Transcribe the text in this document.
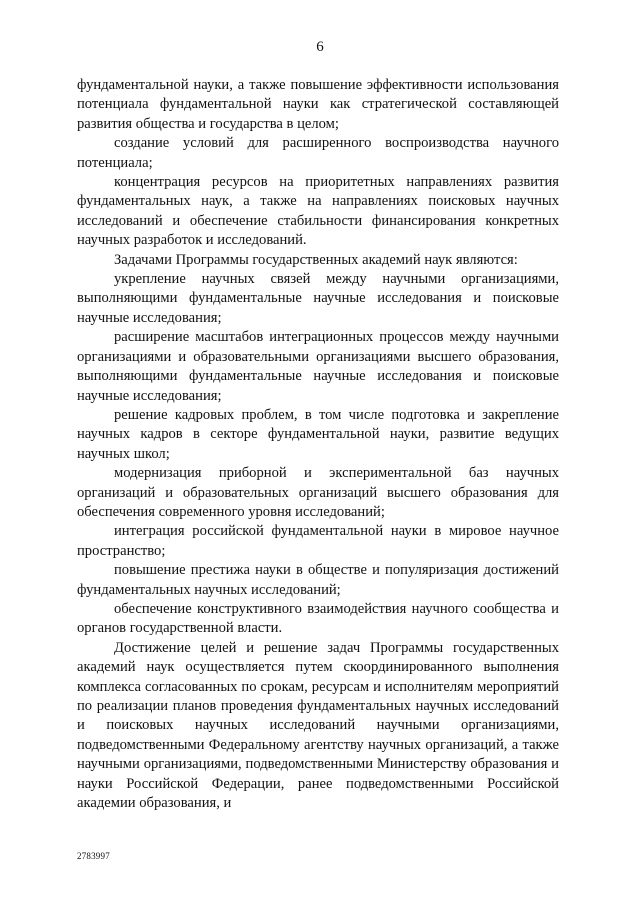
6

фундаментальной науки, а также повышение эффективности использования потенциала фундаментальной науки как стратегической составляющей развития общества и государства в целом;

создание условий для расширенного воспроизводства научного потенциала;

концентрация ресурсов на приоритетных направлениях развития фундаментальных наук, а также на направлениях поисковых научных исследований и обеспечение стабильности финансирования конкретных научных разработок и исследований.

Задачами Программы государственных академий наук являются:

укрепление научных связей между научными организациями, выполняющими фундаментальные научные исследования и поисковые научные исследования;

расширение масштабов интеграционных процессов между научными организациями и образовательными организациями высшего образования, выполняющими фундаментальные научные исследования и поисковые научные исследования;

решение кадровых проблем, в том числе подготовка и закрепление научных кадров в секторе фундаментальной науки, развитие ведущих научных школ;

модернизация приборной и экспериментальной баз научных организаций и образовательных организаций высшего образования для обеспечения современного уровня исследований;

интеграция российской фундаментальной науки в мировое научное пространство;

повышение престижа науки в обществе и популяризация достижений фундаментальных научных исследований;

обеспечение конструктивного взаимодействия научного сообщества и органов государственной власти.

Достижение целей и решение задач Программы государственных академий наук осуществляется путем скоординированного выполнения комплекса согласованных по срокам, ресурсам и исполнителям мероприятий по реализации планов проведения фундаментальных научных исследований и поисковых научных исследований научными организациями, подведомственными Федеральному агентству научных организаций, а также научными организациями, подведомственными Министерству образования и науки Российской Федерации, ранее подведомственными Российской академии образования, и

2783997
